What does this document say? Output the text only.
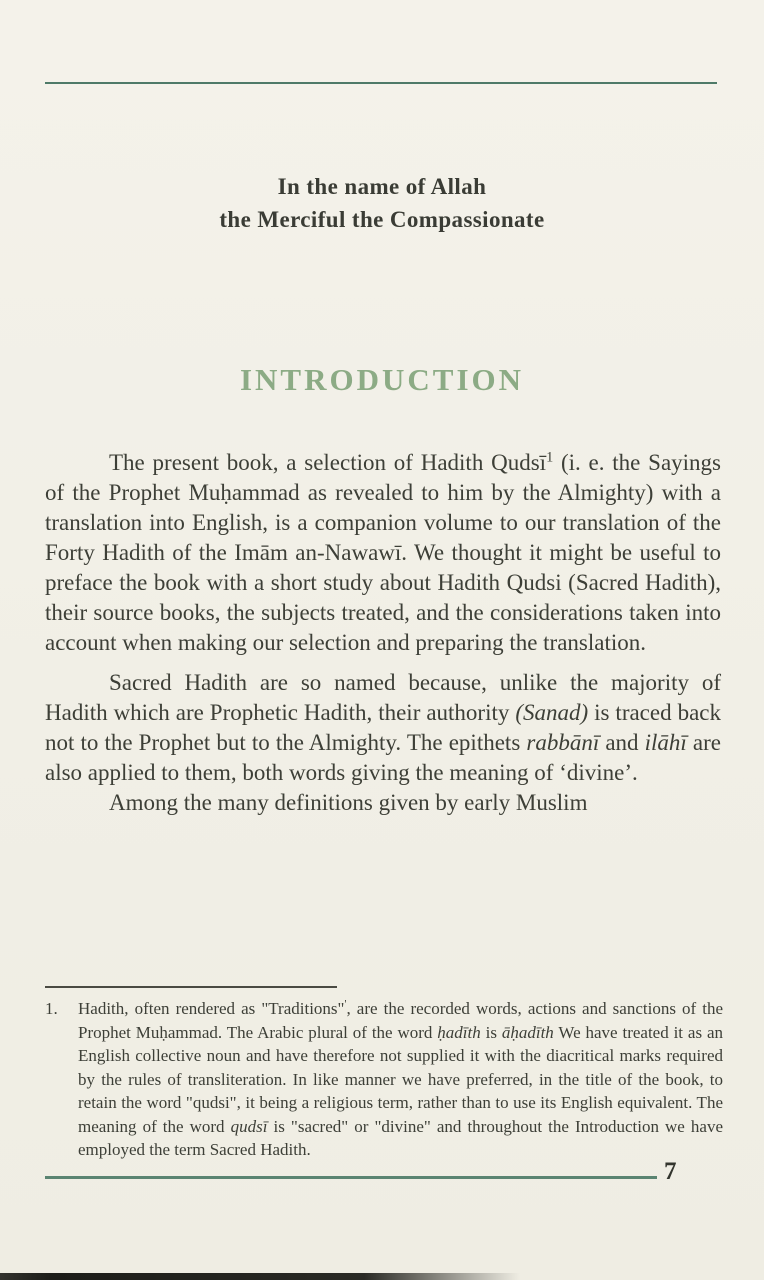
In the name of Allah
the Merciful the Compassionate
INTRODUCTION

The present book, a selection of Hadith Qudsī$^1$ (i. e. the Sayings of the Prophet Muḥammad as revealed to him by the Almighty) with a translation into English, is a companion volume to our translation of the Forty Hadith of the Imām an-Nawawī. We thought it might be useful to preface the book with a short study about Hadith Qudsi (Sacred Hadith), their source books, the subjects treated, and the considerations taken into account when making our selection and preparing the translation.

Sacred Hadith are so named because, unlike the majority of Hadith which are Prophetic Hadith, their authority (Sanad) is traced back not to the Prophet but to the Almighty. The epithets rabbānī and ilāhī are also applied to them, both words giving the meaning of ‘divine’.

Among the many definitions given by early Muslim

1.	Hadith, often rendered as "Traditions"', are the recorded words, actions and sanctions of the Prophet Muḥammad. The Arabic plural of the word ḥadīth is āḥadīth We have treated it as an English collective noun and have therefore not supplied it with the diacritical marks required by the rules of transliteration. In like manner we have preferred, in the title of the book, to retain the word "qudsi", it being a religious term, rather than to use its English equivalent. The meaning of the word qudsī is "sacred" or "divine" and throughout the Introduction we have employed the term Sacred Hadith.
7
